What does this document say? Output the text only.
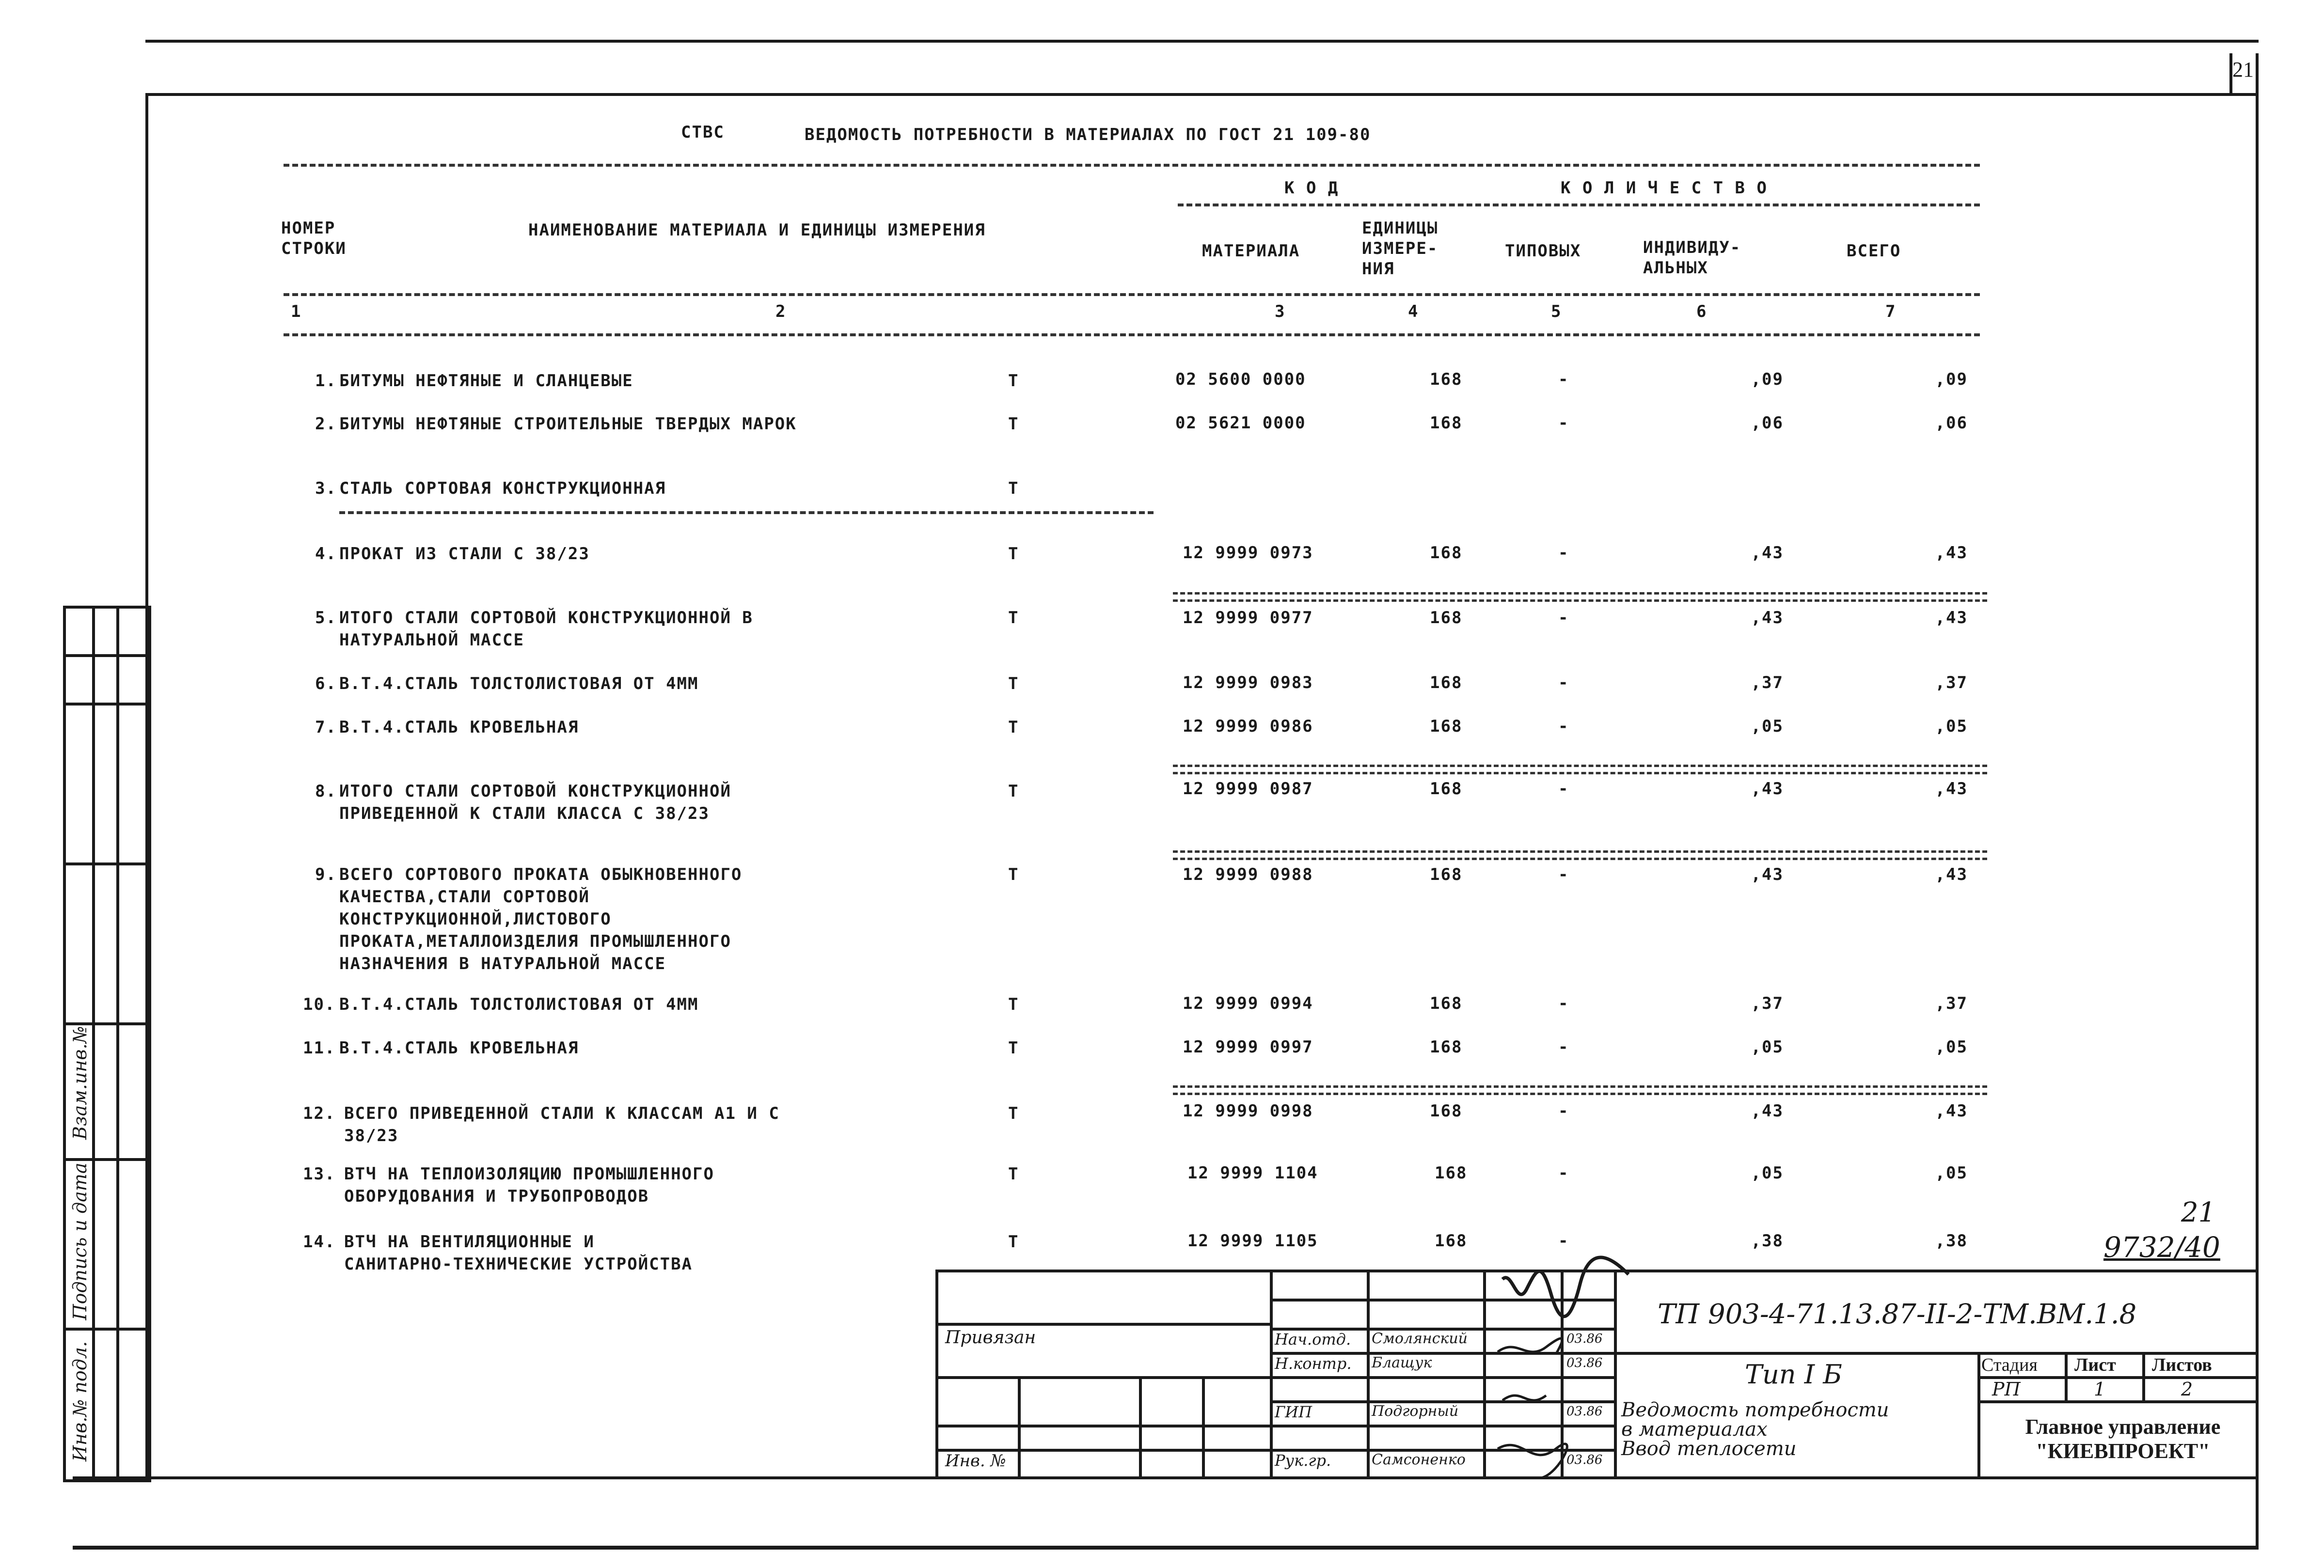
21
Взам.инв.№
Подпись и дата
Инв.№ подл.
СТВС	ВЕДОМОСТЬ ПОТРЕБНОСТИ В МАТЕРИАЛАХ ПО ГОСТ 21 109-80
НОМЕР
СТРОКИ
НАИМЕНОВАНИЕ МАТЕРИАЛА И ЕДИНИЦЫ ИЗМЕРЕНИЯ
К О Д
МАТЕРИАЛА
ЕДИНИЦЫ
ИЗМЕРЕ-
НИЯ
К О Л И Ч Е С Т В О
ТИПОВЫХ	ИНДИВИДУ-
АЛЬНЫХ
ВСЕГО
1	2	3	4	5	6	7
1. БИТУМЫ НЕФТЯНЫЕ И СЛАНЦЕВЫЕ	Т	02 5600 0000	168	-	,09	,09
2. БИТУМЫ НЕФТЯНЫЕ СТРОИТЕЛЬНЫЕ ТВЕРДЫХ МАРОК	Т	02 5621 0000	168	-	,06	,06
3. СТАЛЬ СОРТОВАЯ КОНСТРУКЦИОННАЯ	Т
4. ПРОКАТ ИЗ СТАЛИ С 38/23	Т	12 9999 0973	168	-	,43	,43
5. ИТОГО СТАЛИ СОРТОВОЙ КОНСТРУКЦИОННОЙ В
НАТУРАЛЬНОЙ МАССЕ
Т	12 9999 0977	168	-	,43	,43
6. В.Т.4.СТАЛЬ ТОЛСТОЛИСТОВАЯ ОТ 4ММ	Т	12 9999 0983	168	-	,37	,37
7. В.Т.4.СТАЛЬ КРОВЕЛЬНАЯ	Т	12 9999 0986	168	-	,05	,05
8. ИТОГО СТАЛИ СОРТОВОЙ КОНСТРУКЦИОННОЙ
ПРИВЕДЕННОЙ К СТАЛИ КЛАССА С 38/23
Т	12 9999 0987	168	-	,43	,43
9. ВСЕГО СОРТОВОГО ПРОКАТА ОБЫКНОВЕННОГО
КАЧЕСТВА,СТАЛИ СОРТОВОЙ
КОНСТРУКЦИОННОЙ,ЛИСТОВОГО
ПРОКАТА,МЕТАЛЛОИЗДЕЛИЯ ПРОМЫШЛЕННОГО
НАЗНАЧЕНИЯ В НАТУРАЛЬНОЙ МАССЕ
Т	12 9999 0988	168	-	,43	,43
10. В.Т.4.СТАЛЬ ТОЛСТОЛИСТОВАЯ ОТ 4ММ	Т	12 9999 0994	168	-	,37	,37
11. В.Т.4.СТАЛЬ КРОВЕЛЬНАЯ	Т	12 9999 0997	168	-	,05	,05
12. ВСЕГО ПРИВЕДЕННОЙ СТАЛИ К КЛАССАМ А1 И С
38/23
Т	12 9999 0998	168	-	,43	,43
13. ВТЧ НА ТЕПЛОИЗОЛЯЦИЮ ПРОМЫШЛЕННОГО
ОБОРУДОВАНИЯ И ТРУБОПРОВОДОВ
Т	12 9999 1104	168	-	,05	,05
14. ВТЧ НА ВЕНТИЛЯЦИОННЫЕ И
САНИТАРНО-ТЕХНИЧЕСКИЕ УСТРОЙСТВА
Т	12 9999 1105	168	-	,38	,38
21
9732/40
Привязан
Инв. №
Нач.отд. Смолянский	03.86
Н.контр. Блащук	03.86
ГИП	Подгорный	03.86
Рук.гр.	Самсоненко	03.86
ТП 903-4-71.13.87-II-2-ТМ.ВМ.1.8
Тип I Б
Ведомость потребности
в материалах
Ввод теплосети
Стадия Лист Листов
РП	1	2
Главное управление
"КИЕВПРОЕКТ"
